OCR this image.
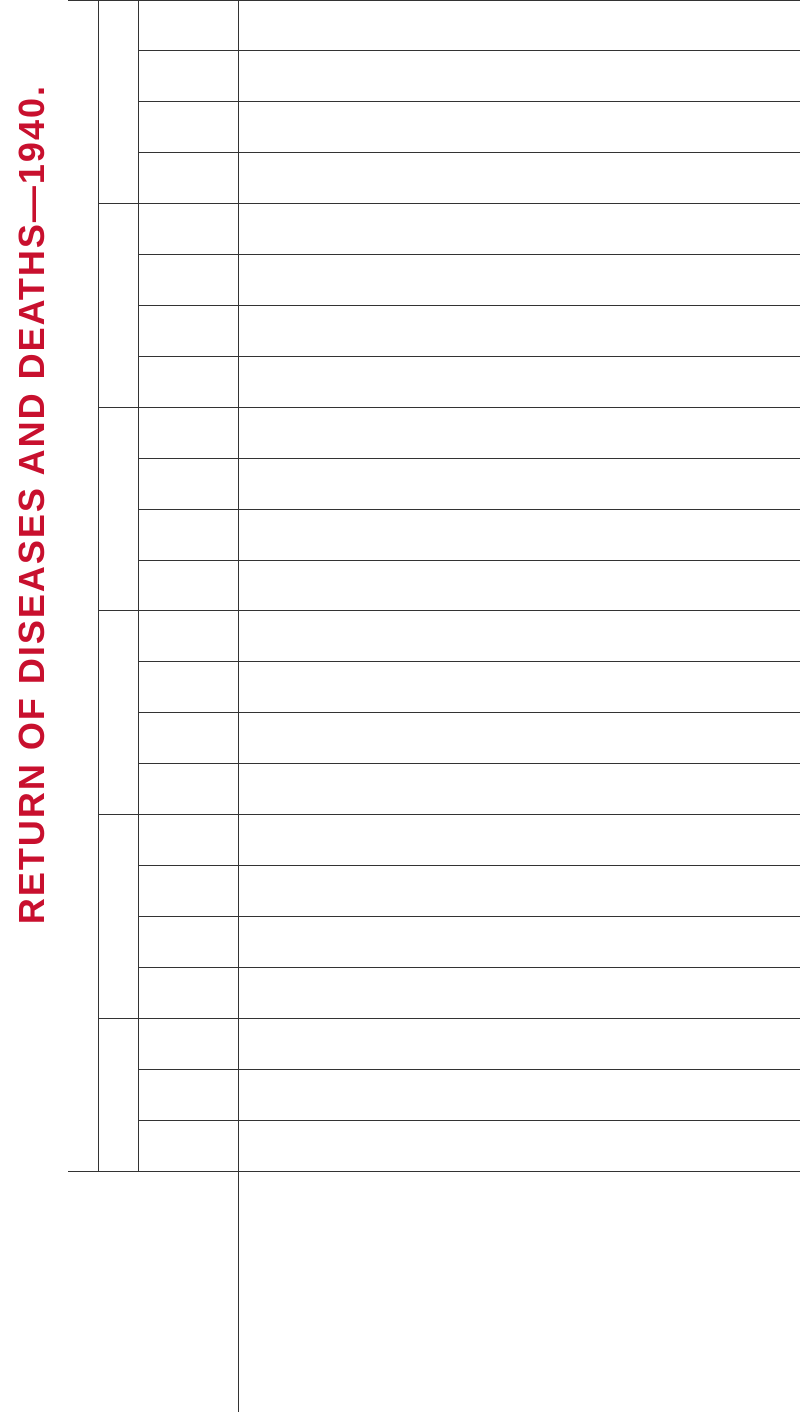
RETURN OF DISEASES AND DEATHS—1940.
